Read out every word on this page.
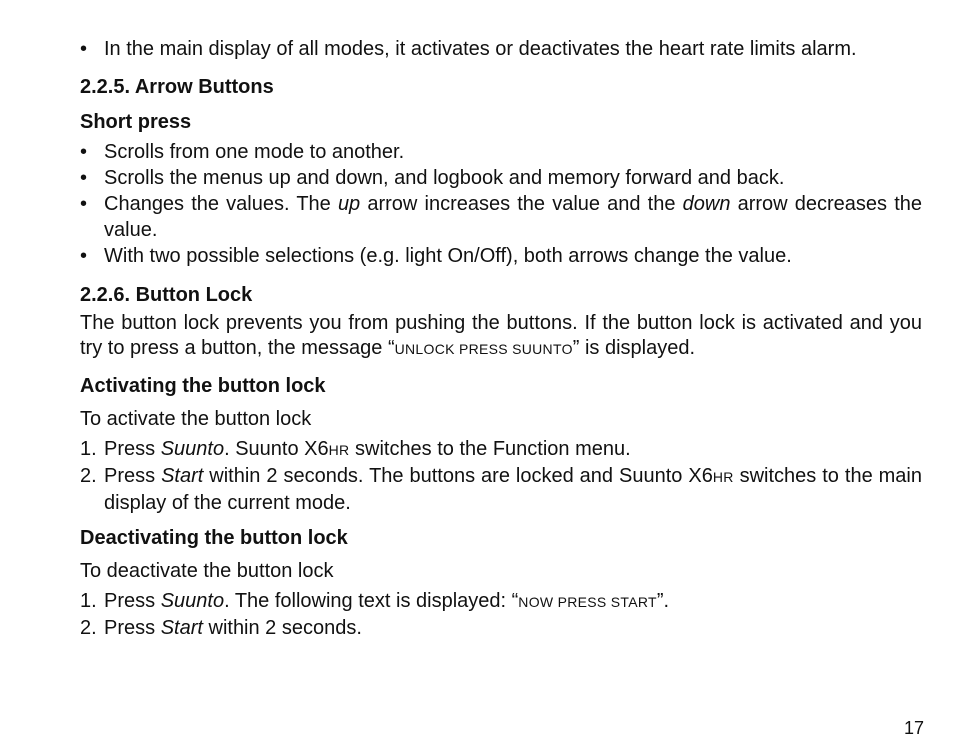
• In the main display of all modes, it activates or deactivates the heart rate limits alarm.

2.2.5. Arrow Buttons

Short press

• Scrolls from one mode to another.

• Scrolls the menus up and down, and logbook and memory forward and back.

• Changes the values. The up arrow increases the value and the down arrow decreases the value.

• With two possible selections (e.g. light On/Off), both arrows change the value.

2.2.6. Button Lock

The button lock prevents you from pushing the buttons. If the button lock is activated and you try to press a button, the message “UNLOCK PRESS SUUNTO” is displayed.

Activating the button lock

To activate the button lock

1. Press Suunto. Suunto X6HR switches to the Function menu.

2. Press Start within 2 seconds. The buttons are locked and Suunto X6HR switches to the main display of the current mode.

Deactivating the button lock

To deactivate the button lock

1. Press Suunto. The following text is displayed: “NOW PRESS START”.

2. Press Start within 2 seconds.

17
